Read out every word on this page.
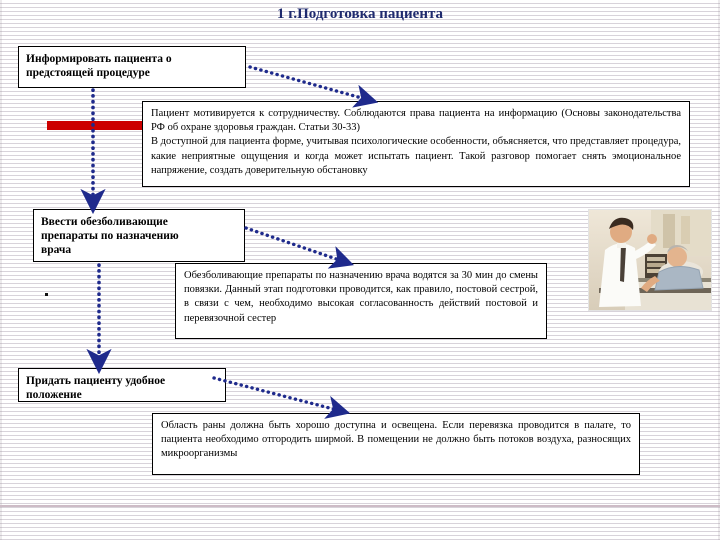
1 г.Подготовка пациента
Информировать пациента о
предстоящей процедуре

Пациент мотивируется к сотрудничеству. Соблюдаются права пациента на информацию (Основы законодательства РФ об охране здоровья граждан. Статьи 30-33)

В доступной для пациента форме, учитывая психологические особенности, объясняется, что представляет процедура, какие неприятные ощущения и когда может испытать пациент. Такой разговор помогает снять эмоциональное напряжение, создать доверительную обстановку

Ввести обезболивающие
препараты по назначению
врача

Обезболивающие препараты по назначению врача водятся за 30 мин до смены повязки. Данный этап подготовки проводится, как правило, постовой сестрой, в связи с чем, необходимо высокая согласованность действий постовой и перевязочной сестер

Придать пациенту удобное
положение

Область раны должна быть хорошо доступна и освещена. Если перевязка проводится в палате, то пациента необходимо отгородить ширмой. В помещении не должно быть потоков воздуха, разносящих микроорганизмы
